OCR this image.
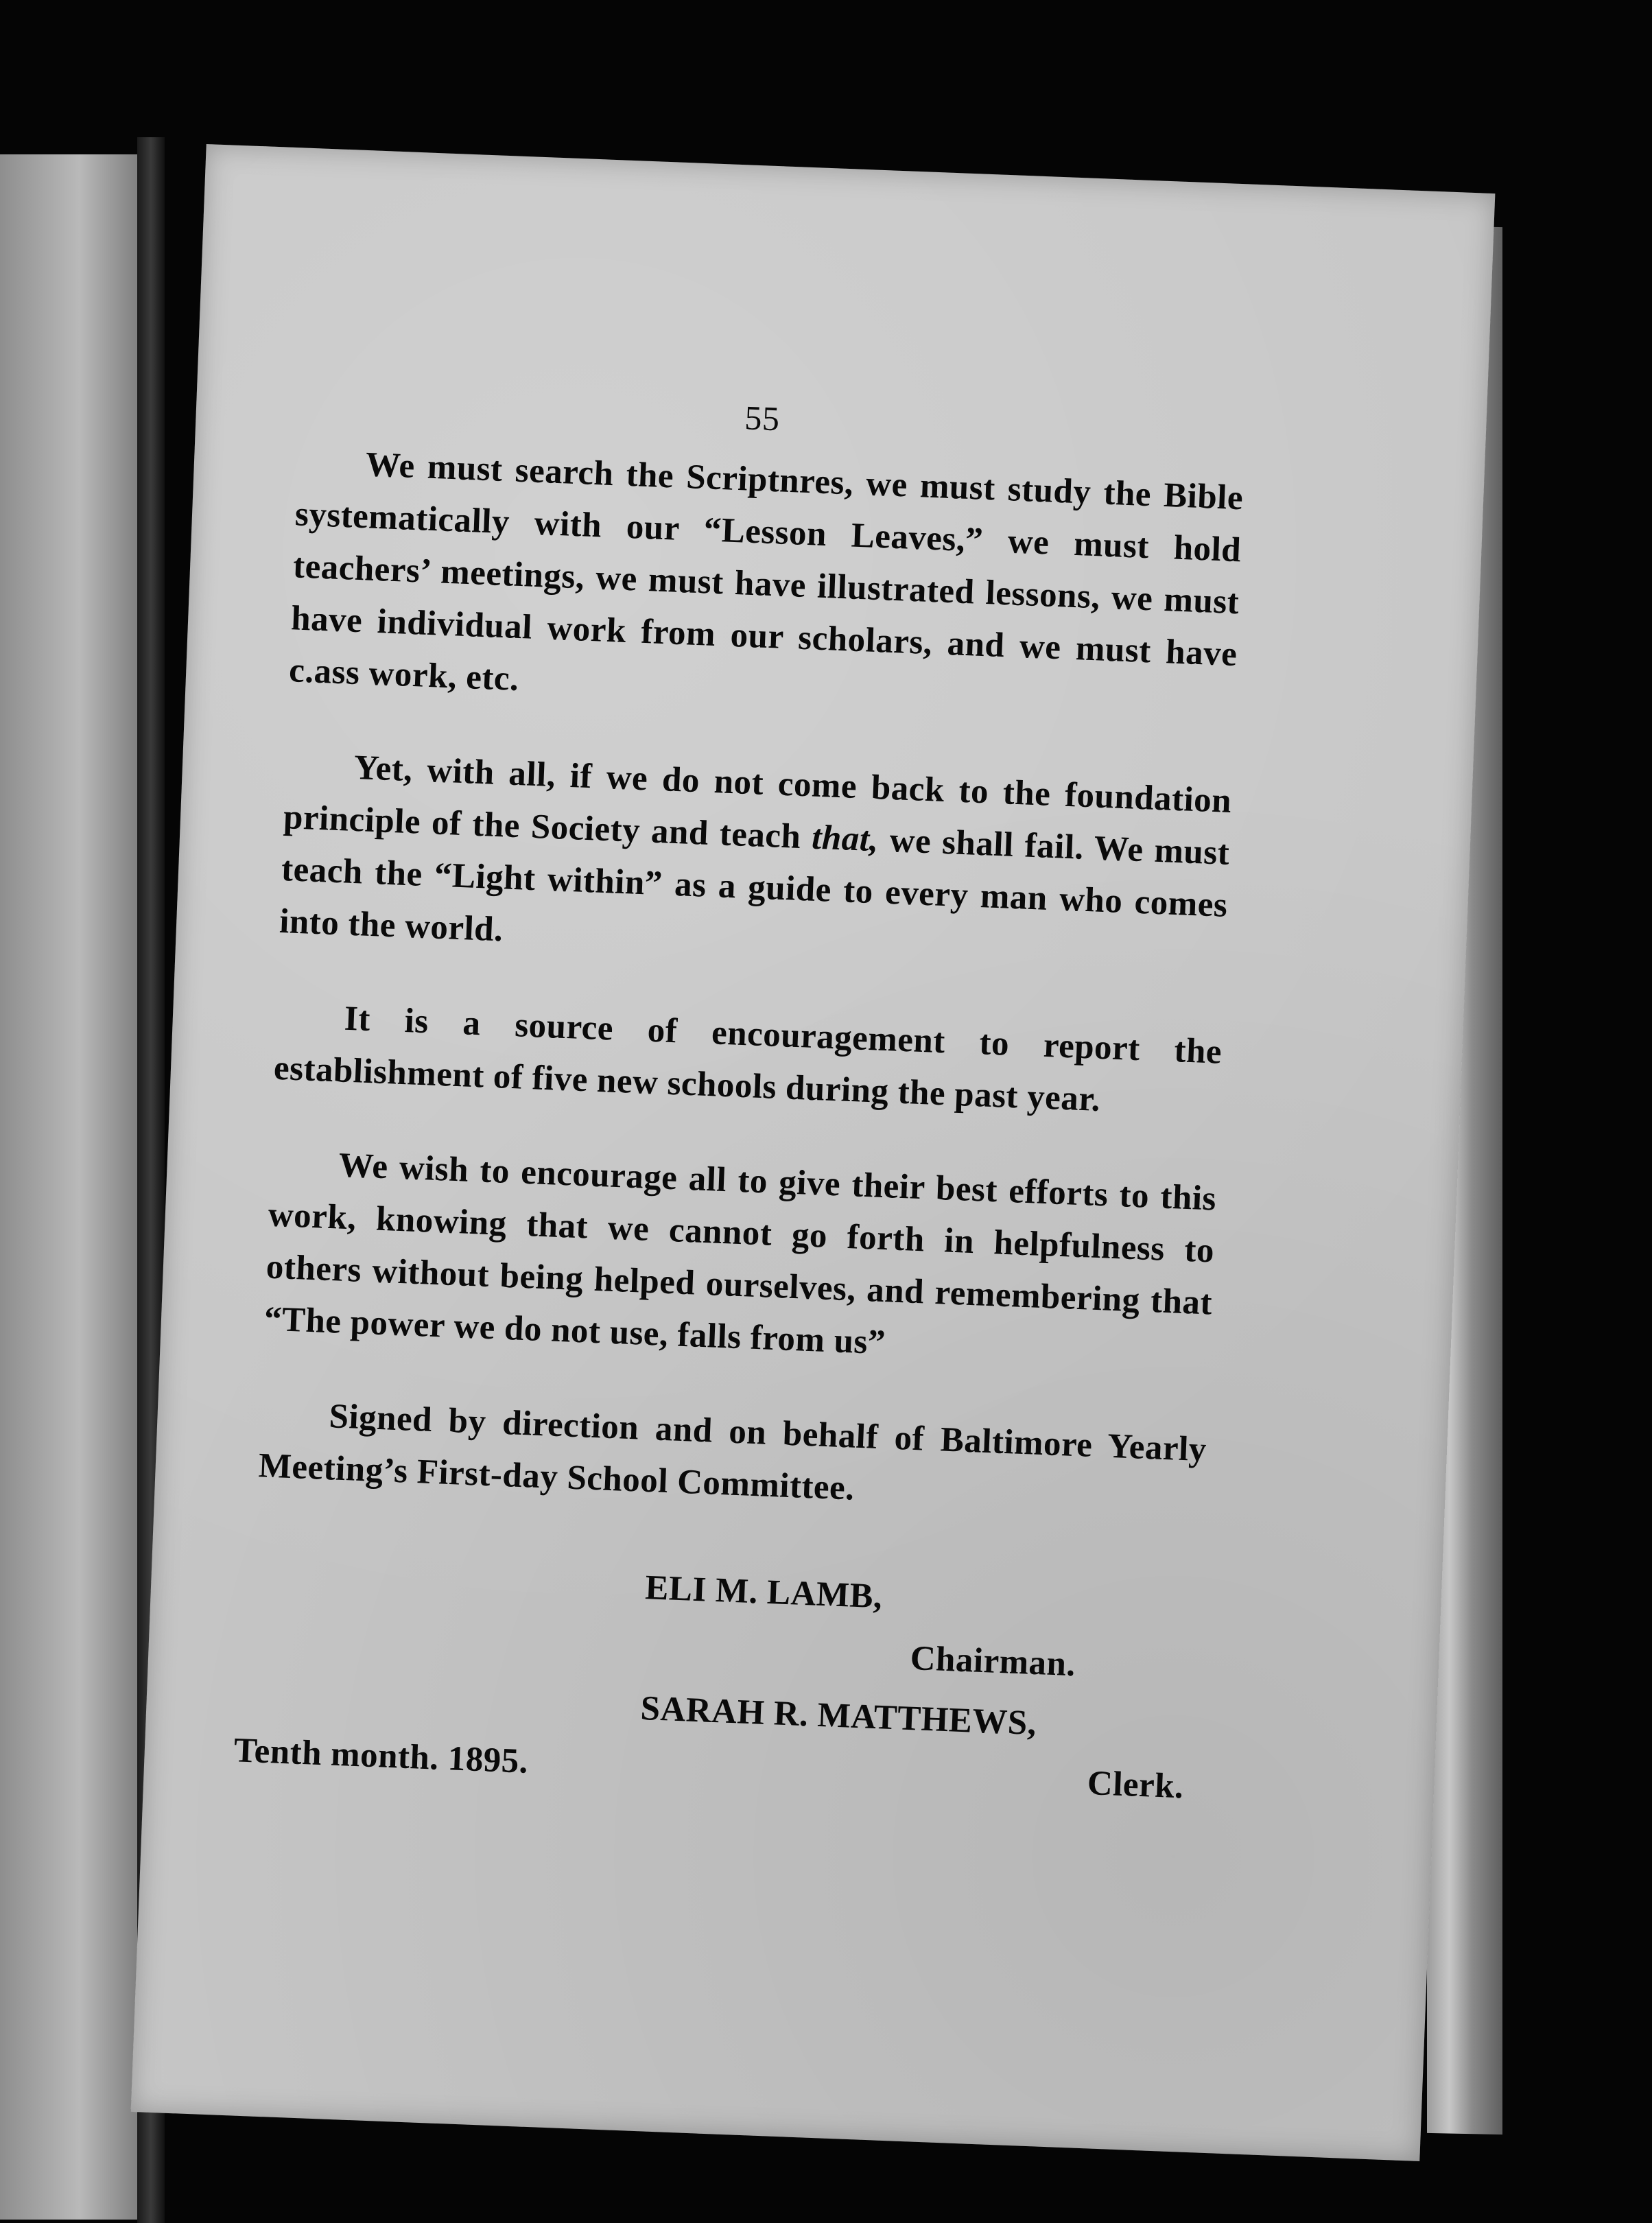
55

We must search the Scriptnres, we must study the Bible systematically with our “Lesson Leaves,” we must hold teachers’ meetings, we must have illustrated lessons, we must have individual work from our scholars, and we must have c.ass work, etc.

Yet, with all, if we do not come back to the foundation principle of the Society and teach that, we shall fail. We must teach the “Light within” as a guide to every man who comes into the world.

It is a source of encouragement to report the establishment of five new schools during the past year.

We wish to encourage all to give their best efforts to this work, knowing that we cannot go forth in helpfulness to others without being helped ourselves, and remembering that “The power we do not use, falls from us”

Signed by direction and on behalf of Baltimore Yearly Meeting’s First-day School Committee.

ELI M. LAMB,
Chairman.
SARAH R. MATTHEWS,
Tenth month. 1895.
Clerk.
